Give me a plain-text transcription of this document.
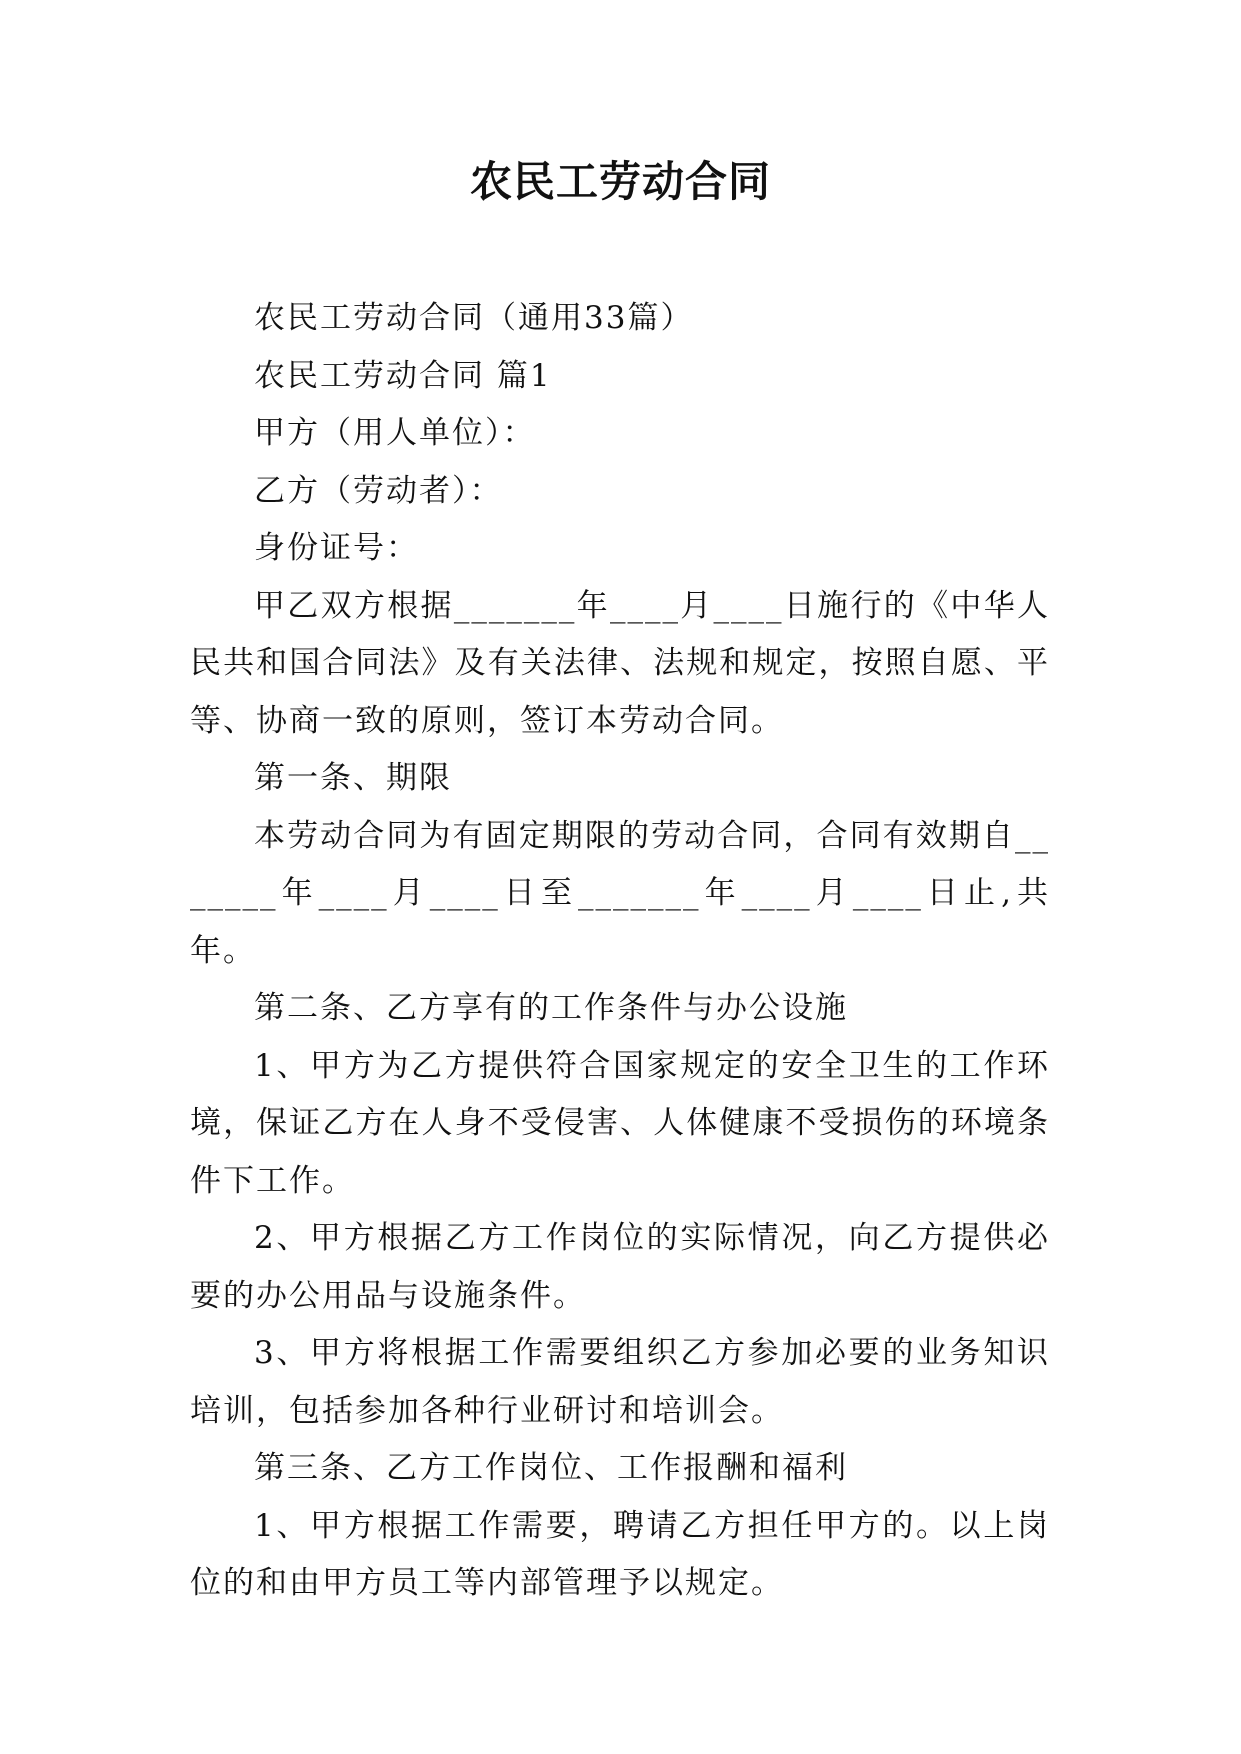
农民工劳动合同

农民工劳动合同（通用33篇）

农民工劳动合同 篇1

甲方（用人单位）：

乙方（劳动者）：

身份证号：

甲乙双方根据_______年____月____日施行的《中华人民共和国合同法》及有关法律、法规和规定，按照自愿、平等、协商一致的原则，签订本劳动合同。

第一条、期限

本劳动合同为有固定期限的劳动合同，合同有效期自_______年____月____日至_______年____月____日止,共年。

第二条、乙方享有的工作条件与办公设施

1、甲方为乙方提供符合国家规定的安全卫生的工作环境，保证乙方在人身不受侵害、人体健康不受损伤的环境条件下工作。

2、甲方根据乙方工作岗位的实际情况，向乙方提供必要的办公用品与设施条件。

3、甲方将根据工作需要组织乙方参加必要的业务知识培训，包括参加各种行业研讨和培训会。

第三条、乙方工作岗位、工作报酬和福利

1、甲方根据工作需要，聘请乙方担任甲方的。以上岗位的和由甲方员工等内部管理予以规定。
